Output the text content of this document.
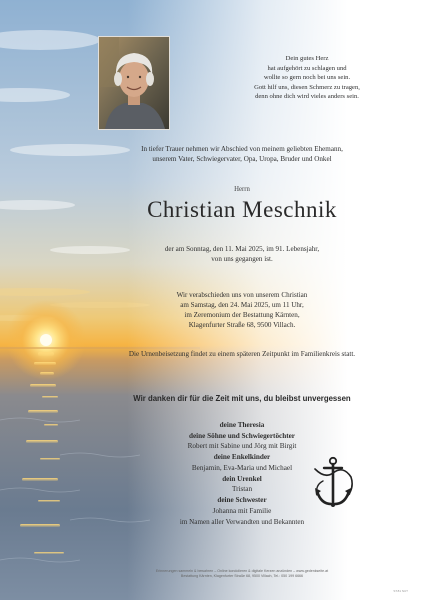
Dein gutes Herz
hat aufgehört zu schlagen und
wollte so gern noch bei uns sein.
Gott hilf uns, diesen Schmerz zu tragen,
denn ohne dich wird vieles anders sein.
In tiefer Trauer nehmen wir Abschied von meinem geliebten Ehemann,
unserem Vater, Schwiegervater, Opa, Uropa, Bruder und Onkel
Herrn
Christian Meschnik
der am Sonntag, den 11. Mai 2025, im 91. Lebensjahr,
von uns gegangen ist.
Wir verabschieden uns von unserem Christian
am Samstag, den 24. Mai 2025, um 11 Uhr,
im Zeremonium der Bestattung Kärnten,
Klagenfurter Straße 68, 9500 Villach.
Die Urnenbeisetzung findet zu einem späteren Zeitpunkt im Familienkreis statt.
Wir danken dir für die Zeit mit uns, du bleibst unvergessen
deine Theresia
deine Söhne und Schwiegertöchter
Robert mit Sabine und Jörg mit Birgit
deine Enkelkinder
Benjamin, Eva-Maria und Michael
dein Urenkel
Tristan
deine Schwester
Johanna mit Familie
im Namen aller Verwandten und Bekannten
Erinnerungen sammeln & bewahren – Online kondolieren & digitale Kerzen anzünden – www.gedenkseite.at
Bestattung Kärnten, Klagenfurter Straße 68, 9500 Villach, Tel.: 050 199 6666
ST.81 NUT
